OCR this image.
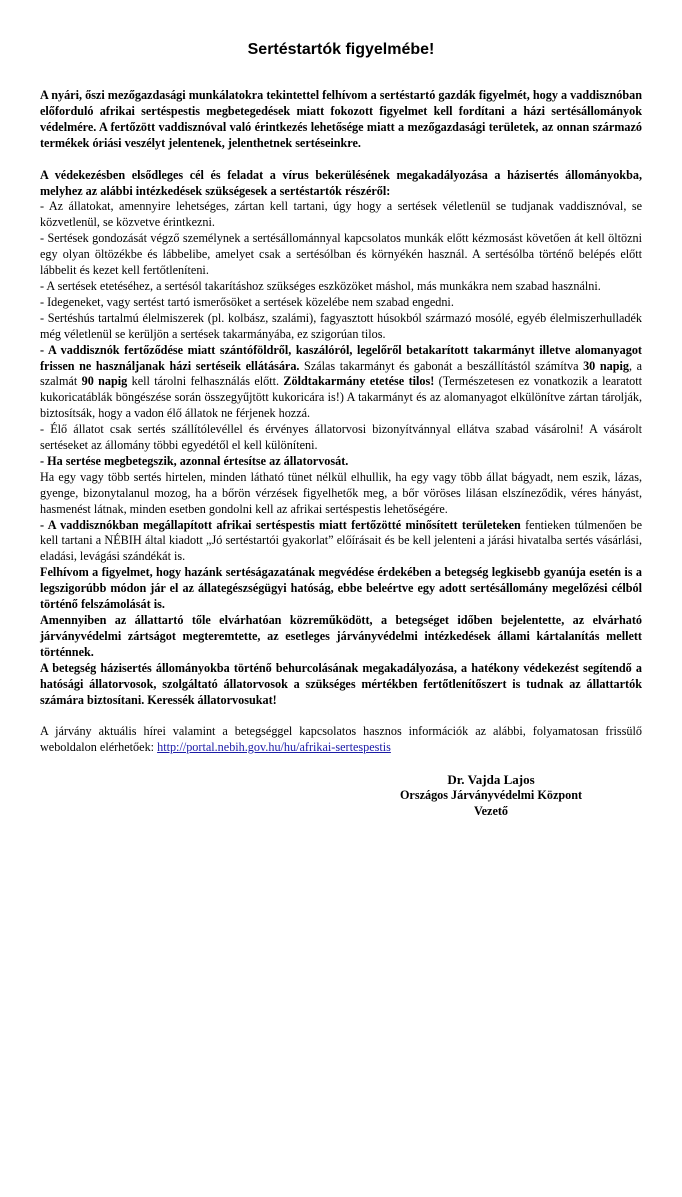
Sertéstartók figyelmébe!

A nyári, őszi mezőgazdasági munkálatokra tekintettel felhívom a sertéstartó gazdák figyelmét, hogy a vaddisznóban előforduló afrikai sertéspestis megbetegedések miatt fokozott figyelmet kell fordítani a házi sertésállományok védelmére. A fertőzött vaddisznóval való érintkezés lehetősége miatt a mezőgazdasági területek, az onnan származó termékek óriási veszélyt jelentenek, jelenthetnek sertéseinkre.

A védekezésben elsődleges cél és feladat a vírus bekerülésének megakadályozása a házisertés állományokba, melyhez az alábbi intézkedések szükségesek a sertéstartók részéről:

- Az állatokat, amennyire lehetséges, zártan kell tartani, úgy hogy a sertések véletlenül se tudjanak vaddisznóval, se közvetlenül, se közvetve érintkezni.

- Sertések gondozását végző személynek a sertésállománnyal kapcsolatos munkák előtt kézmosást követően át kell öltözni egy olyan öltözékbe és lábbelibe, amelyet csak a sertésólban és környékén használ. A sertésólba történő belépés előtt lábbelit és kezet kell fertőtleníteni.

- A sertések etetéséhez, a sertésól takarításhoz szükséges eszközöket máshol, más munkákra nem szabad használni.

- Idegeneket, vagy sertést tartó ismerősöket a sertések közelébe nem szabad engedni.

- Sertéshús tartalmú élelmiszerek (pl. kolbász, szalámi), fagyasztott húsokból származó mosólé, egyéb élelmiszerhulladék még véletlenül se kerüljön a sertések takarmányába, ez szigorúan tilos.

- A vaddisznók fertőződése miatt szántóföldről, kaszálóról, legelőről betakarított takarmányt illetve alomanyagot frissen ne használjanak házi sertéseik ellátására. Szálas takarmányt és gabonát a beszállítástól számítva 30 napig, a szalmát 90 napig kell tárolni felhasználás előtt. Zöldtakarmány etetése tilos! (Természetesen ez vonatkozik a learatott kukoricatáblák böngészése során összegyűjtött kukoricára is!) A takarmányt és az alomanyagot elkülönítve zártan tárolják, biztosítsák, hogy a vadon élő állatok ne férjenek hozzá.

- Élő állatot csak sertés szállítólevéllel és érvényes állatorvosi bizonyítvánnyal ellátva szabad vásárolni! A vásárolt sertéseket az állomány többi egyedétől el kell különíteni.

- Ha sertése megbetegszik, azonnal értesítse az állatorvosát.

Ha egy vagy több sertés hirtelen, minden látható tünet nélkül elhullik, ha egy vagy több állat bágyadt, nem eszik, lázas, gyenge, bizonytalanul mozog, ha a bőrön vérzések figyelhetők meg, a bőr vöröses lilásan elszíneződik, véres hányást, hasmenést látnak, minden esetben gondolni kell az afrikai sertéspestis lehetőségére.

- A vaddisznókban megállapított afrikai sertéspestis miatt fertőzötté minősített területeken fentieken túlmenően be kell tartani a NÉBIH által kiadott „Jó sertéstartói gyakorlat” előírásait és be kell jelenteni a járási hivatalba sertés vásárlási, eladási, levágási szándékát is.

Felhívom a figyelmet, hogy hazánk sertéságazatának megvédése érdekében a betegség legkisebb gyanúja esetén is a legszigorúbb módon jár el az állategészségügyi hatóság, ebbe beleértve egy adott sertésállomány megelőzési célból történő felszámolását is.

Amennyiben az állattartó tőle elvárhatóan közreműködött, a betegséget időben bejelentette, az elvárható járványvédelmi zártságot megteremtette, az esetleges járványvédelmi intézkedések állami kártalanítás mellett történnek.

A betegség házisertés állományokba történő behurcolásának megakadályozása, a hatékony védekezést segítendő a hatósági állatorvosok, szolgáltató állatorvosok a szükséges mértékben fertőtlenítőszert is tudnak az állattartók számára biztosítani. Keressék állatorvosukat!

A járvány aktuális hírei valamint a betegséggel kapcsolatos hasznos információk az alábbi, folyamatosan frissülő weboldalon elérhetőek: http://portal.nebih.gov.hu/hu/afrikai-sertespestis

Dr. Vajda Lajos
Országos Járványvédelmi Központ
Vezető
